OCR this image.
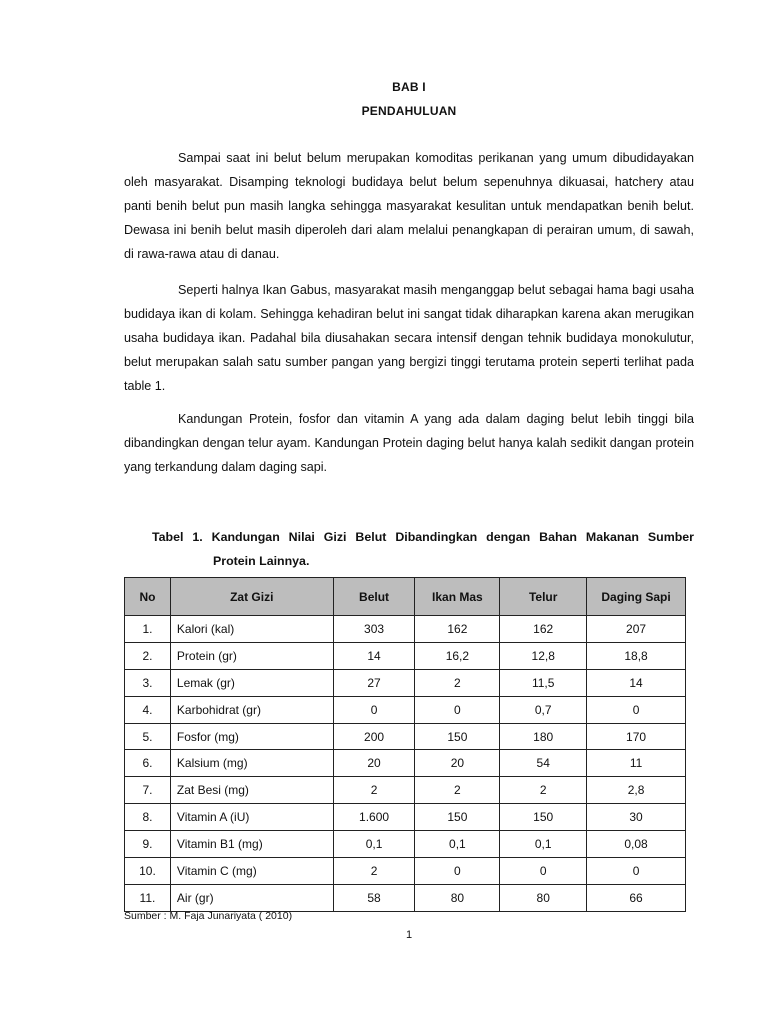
BAB I
PENDAHULUAN

Sampai saat ini belut belum merupakan komoditas perikanan yang umum dibudidayakan oleh masyarakat. Disamping teknologi budidaya belut belum sepenuhnya dikuasai, hatchery atau panti benih belut pun masih langka sehingga masyarakat kesulitan untuk mendapatkan benih belut. Dewasa ini benih belut masih diperoleh dari alam melalui penangkapan di perairan umum, di sawah, di rawa-rawa atau di danau.

Seperti halnya Ikan Gabus, masyarakat masih menganggap belut sebagai hama bagi usaha budidaya ikan di kolam. Sehingga kehadiran belut ini sangat tidak diharapkan karena akan merugikan usaha budidaya ikan. Padahal bila diusahakan secara intensif dengan tehnik budidaya monokulutur, belut merupakan salah satu sumber pangan yang bergizi tinggi terutama protein seperti terlihat pada table 1.

Kandungan Protein, fosfor dan vitamin A yang ada dalam daging belut lebih tinggi bila dibandingkan dengan telur ayam. Kandungan Protein daging belut hanya kalah sedikit dangan protein yang terkandung dalam daging sapi.

Tabel 1. Kandungan Nilai Gizi Belut Dibandingkan dengan Bahan Makanan Sumber
Protein Lainnya.
No	Zat Gizi	Belut	Ikan Mas	Telur	Daging Sapi
1.	Kalori (kal)	303	162	162	207
2.	Protein (gr)	14	16,2	12,8	18,8
3.	Lemak (gr)	27	2	11,5	14
4.	Karbohidrat (gr)	0	0	0,7	0
5.	Fosfor (mg)	200	150	180	170
6.	Kalsium (mg)	20	20	54	11
7.	Zat Besi (mg)	2	2	2	2,8
8.	Vitamin A (iU)	1.600	150	150	30
9.	Vitamin B1 (mg)	0,1	0,1	0,1	0,08
10.	Vitamin C (mg)	2	0	0	0
11.	Air (gr)	58	80	80	66
Sumber : M. Faja Junariyata ( 2010)
1
